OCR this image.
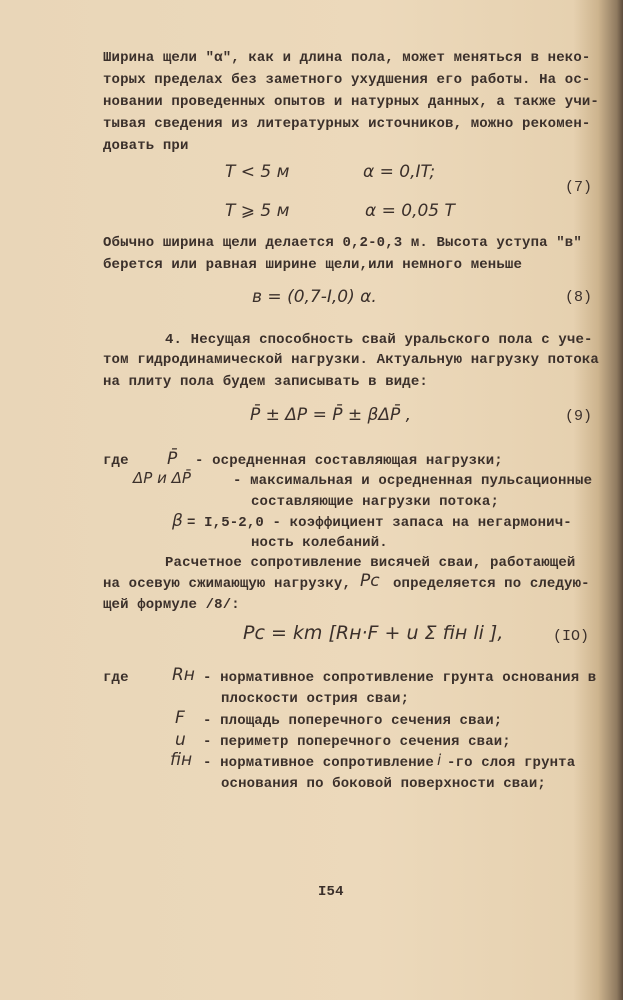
Ширина щели "α", как и длина пола, может меняться в неко-
торых пределах без заметного ухудшения его работы. На ос-
новании проведенных опытов и натурных данных, а также учи-
тывая сведения из литературных источников, можно рекомен-
довать при
T < 5 м	α = 0,IT;
T ⩾ 5 м	α = 0,05 T
(7)
Обычно ширина щели делается 0,2-0,3 м. Высота уступа "в"
берется или равная ширине щели,или немного меньше
в = (0,7-I,0) α.	(8)
4. Несущая способность свай уральского пола с уче-
том гидродинамической нагрузки. Актуальную нагрузку потока
на плиту пола будем записывать в виде:
P̄ ± ΔP = P̄ ± βΔP̄ ,	(9)
где P̄ - осредненная составляющая нагрузки;
ΔP и ΔP̄	- максимальная и осредненная пульсационные
составляющие нагрузки потока;
β = I,5-2,0 - коэффициент запаса на негармонич-
ность колебаний.
Расчетное сопротивление висячей сваи, работающей
на осевую сжимающую нагрузку, Pc определяется по следую-
щей формуле /8/:
Pc = km [Rн·F + u Σ fiн li ],	(IO)
где	Rн - нормативное сопротивление грунта основания в
плоскости острия сваи;
F - площадь поперечного сечения сваи;
u - периметр поперечного сечения сваи;
fiн - нормативное сопротивление i -го слоя грунта
основания по боковой поверхности сваи;
I54
